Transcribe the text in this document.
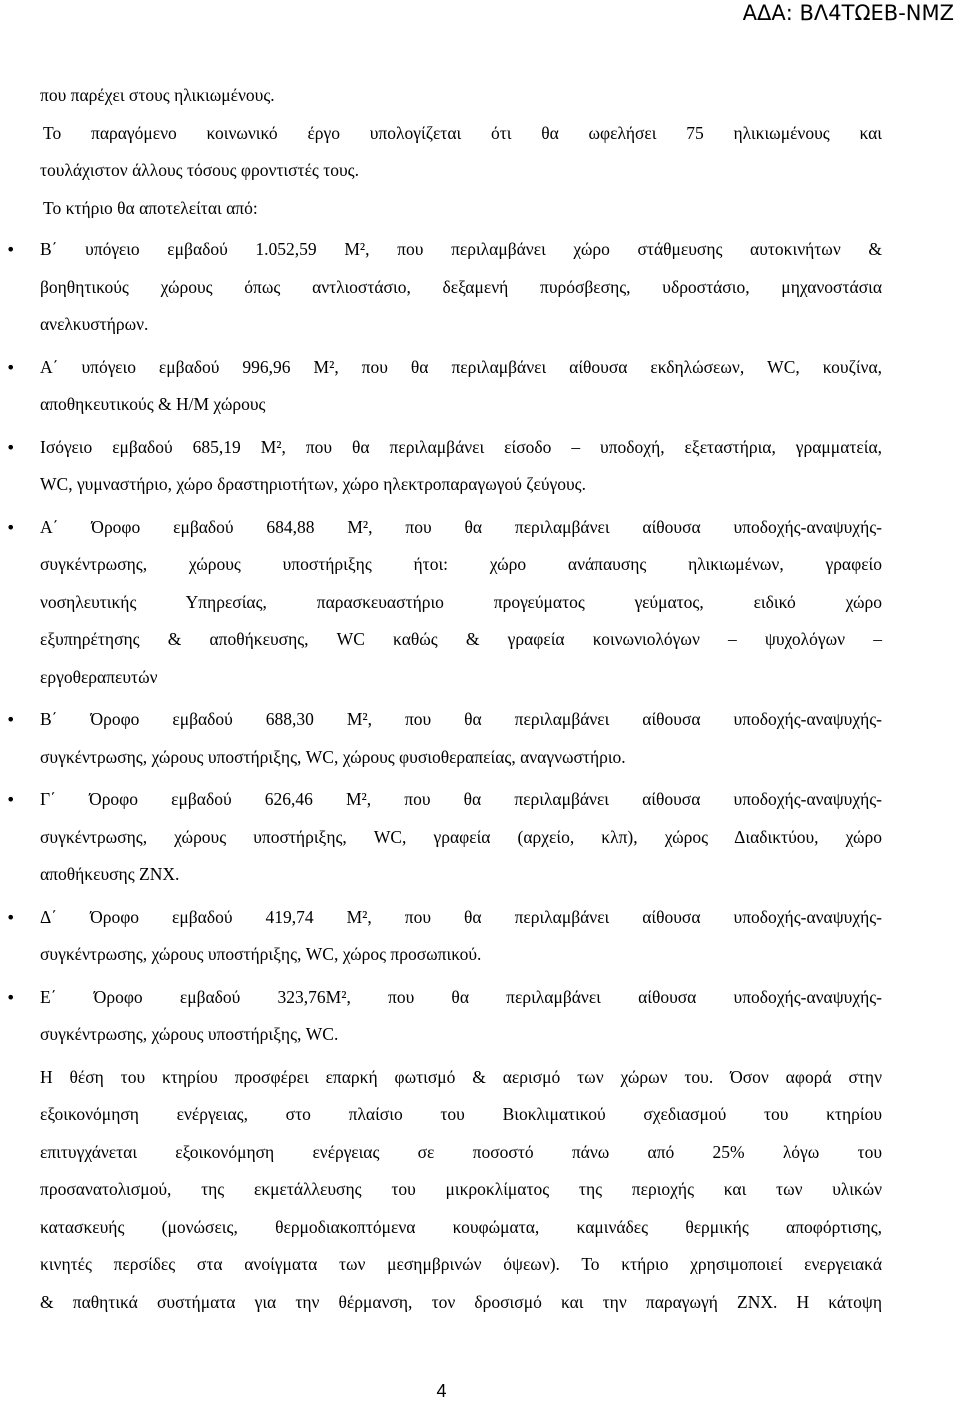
ΑΔΑ: ΒΛ4ΤΩΕΒ-ΝΜΖ

που παρέχει στους ηλικιωμένους.

Το παραγόμενο κοινωνικό έργο υπολογίζεται ότι θα ωφελήσει 75 ηλικιωμένους και

τουλάχιστον άλλους τόσους φροντιστές τους.

Το κτήριο θα αποτελείται από:

• Β΄ υπόγειο εμβαδού 1.052,59 Μ², που περιλαμβάνει χώρο στάθμευσης αυτοκινήτων &

βοηθητικούς χώρους όπως αντλιοστάσιο, δεξαμενή πυρόσβεσης, υδροστάσιο, μηχανοστάσια

ανελκυστήρων.

• Α΄ υπόγειο εμβαδού 996,96 Μ², που θα περιλαμβάνει αίθουσα εκδηλώσεων, WC, κουζίνα,

αποθηκευτικούς & Η/Μ χώρους

• Ισόγειο εμβαδού 685,19 Μ², που θα περιλαμβάνει είσοδο – υποδοχή, εξεταστήρια, γραμματεία,

WC, γυμναστήριο, χώρο δραστηριοτήτων, χώρο ηλεκτροπαραγωγού ζεύγους.

• Α΄ Όροφο εμβαδού 684,88 Μ², που θα περιλαμβάνει αίθουσα υποδοχής-αναψυχής-

συγκέντρωσης, χώρους υποστήριξης ήτοι: χώρο ανάπαυσης ηλικιωμένων, γραφείο

νοσηλευτικής Υπηρεσίας, παρασκευαστήριο προγεύματος γεύματος, ειδικό χώρο

εξυπηρέτησης & αποθήκευσης, WC καθώς & γραφεία κοινωνιολόγων – ψυχολόγων –

εργοθεραπευτών

• Β΄ Όροφο εμβαδού 688,30 Μ², που θα περιλαμβάνει αίθουσα υποδοχής-αναψυχής-

συγκέντρωσης, χώρους υποστήριξης, WC, χώρους φυσιοθεραπείας, αναγνωστήριο.

• Γ΄ Όροφο εμβαδού 626,46 Μ², που θα περιλαμβάνει αίθουσα υποδοχής-αναψυχής-

συγκέντρωσης, χώρους υποστήριξης, WC, γραφεία (αρχείο, κλπ), χώρος Διαδικτύου, χώρο

αποθήκευσης ΖΝΧ.

• Δ΄ Όροφο εμβαδού 419,74 Μ², που θα περιλαμβάνει αίθουσα υποδοχής-αναψυχής-

συγκέντρωσης, χώρους υποστήριξης, WC, χώρος προσωπικού.

• Ε΄ Όροφο εμβαδού 323,76Μ², που θα περιλαμβάνει αίθουσα υποδοχής-αναψυχής-

συγκέντρωσης, χώρους υποστήριξης, WC.

Η θέση του κτηρίου προσφέρει επαρκή φωτισμό & αερισμό των χώρων του. Όσον αφορά στην

εξοικονόμηση ενέργειας, στο πλαίσιο του Βιοκλιματικού σχεδιασμού του κτηρίου

επιτυγχάνεται εξοικονόμηση ενέργειας σε ποσοστό πάνω από 25% λόγω του

προσανατολισμού, της εκμετάλλευσης του μικροκλίματος της περιοχής και των υλικών

κατασκευής (μονώσεις, θερμοδιακοπτόμενα κουφώματα, καμινάδες θερμικής αποφόρτισης,

κινητές περσίδες στα ανοίγματα των μεσημβρινών όψεων). Το κτήριο χρησιμοποιεί ενεργειακά

& παθητικά συστήματα για την θέρμανση, τον δροσισμό και την παραγωγή ΖΝΧ. Η κάτοψη

4
